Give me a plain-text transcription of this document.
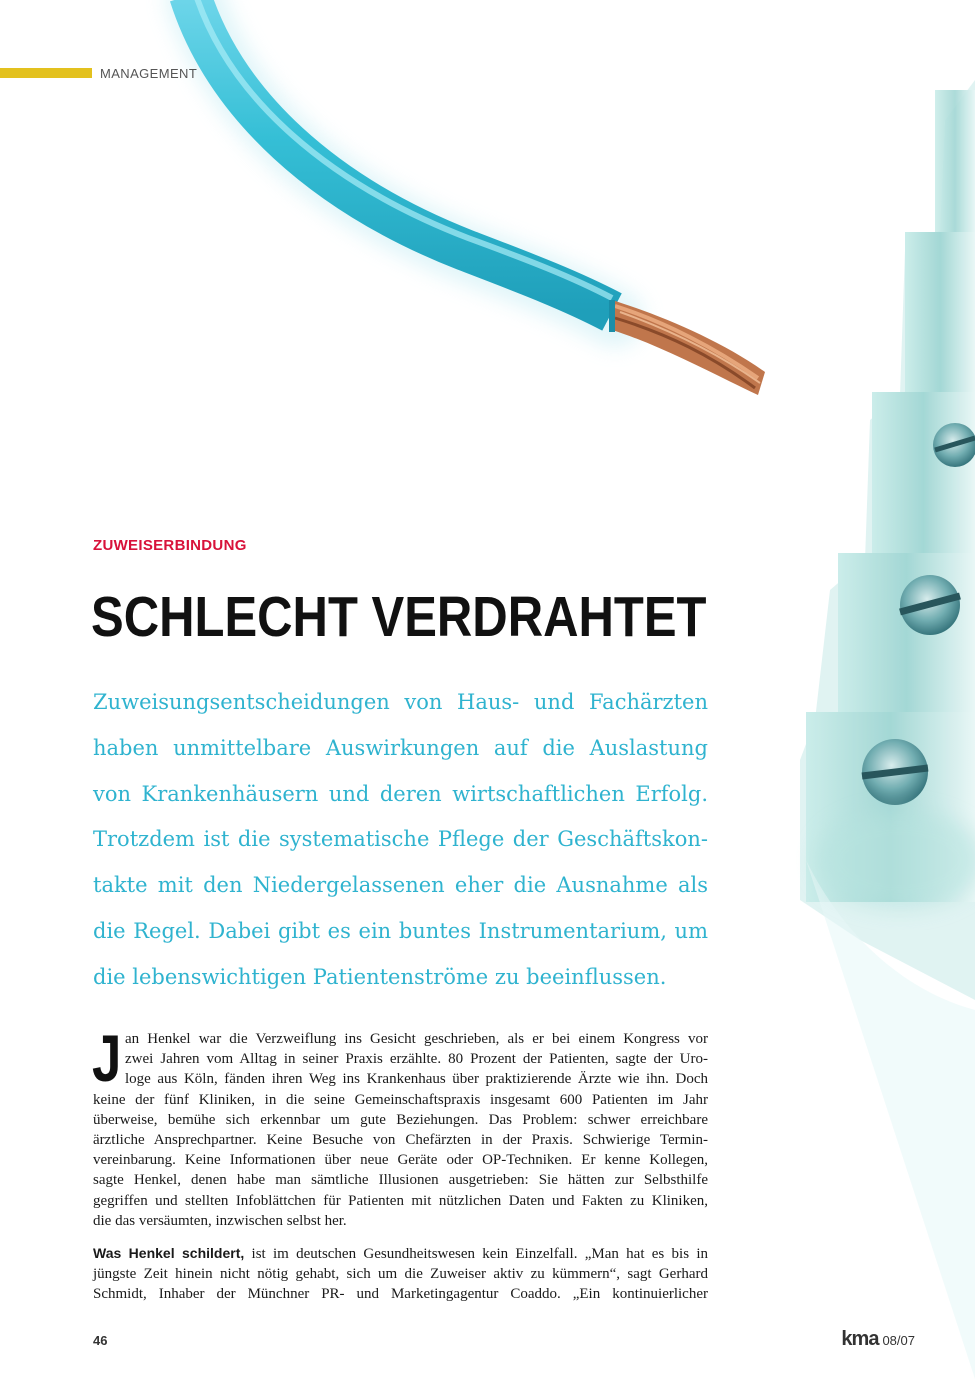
MANAGEMENT
ZUWEISERBINDUNG
SCHLECHT VERDRAHTET
Zuweisungsentscheidungen von Haus- und Fachärzten
haben unmittelbare Auswirkungen auf die Auslastung
von Krankenhäusern und deren wirtschaftlichen Erfolg.
Trotzdem ist die systematische Pflege der Geschäftskon-
takte mit den Niedergelassenen eher die Ausnahme als
die Regel. Dabei gibt es ein buntes Instrumentarium, um
die lebenswichtigen Patientenströme zu beeinflussen.
J an Henkel war die Verzweiflung ins Gesicht geschrieben, als er bei einem Kongress vor
zwei Jahren vom Alltag in seiner Praxis erzählte. 80 Prozent der Patienten, sagte der Uro-
loge aus Köln, fänden ihren Weg ins Krankenhaus über praktizierende Ärzte wie ihn. Doch
keine der fünf Kliniken, in die seine Gemeinschaftspraxis insgesamt 600 Patienten im Jahr
überweise, bemühe sich erkennbar um gute Beziehungen. Das Problem: schwer erreichbare
ärztliche Ansprechpartner. Keine Besuche von Chefärzten in der Praxis. Schwierige Termin-
vereinbarung. Keine Informationen über neue Geräte oder OP-Techniken. Er kenne Kollegen,
sagte Henkel, denen habe man sämtliche Illusionen ausgetrieben: Sie hätten zur Selbsthilfe
gegriffen und stellten Infoblättchen für Patienten mit nützlichen Daten und Fakten zu Kliniken,
die das versäumten, inzwischen selbst her.
Was Henkel schildert, ist im deutschen Gesundheitswesen kein Einzelfall. „Man hat es bis in
jüngste Zeit hinein nicht nötig gehabt, sich um die Zuweiser aktiv zu kümmern“, sagt Gerhard
Schmidt, Inhaber der Münchner PR- und Marketingagentur Coaddo. „Ein kontinuierlicher
46	kma 08/07
